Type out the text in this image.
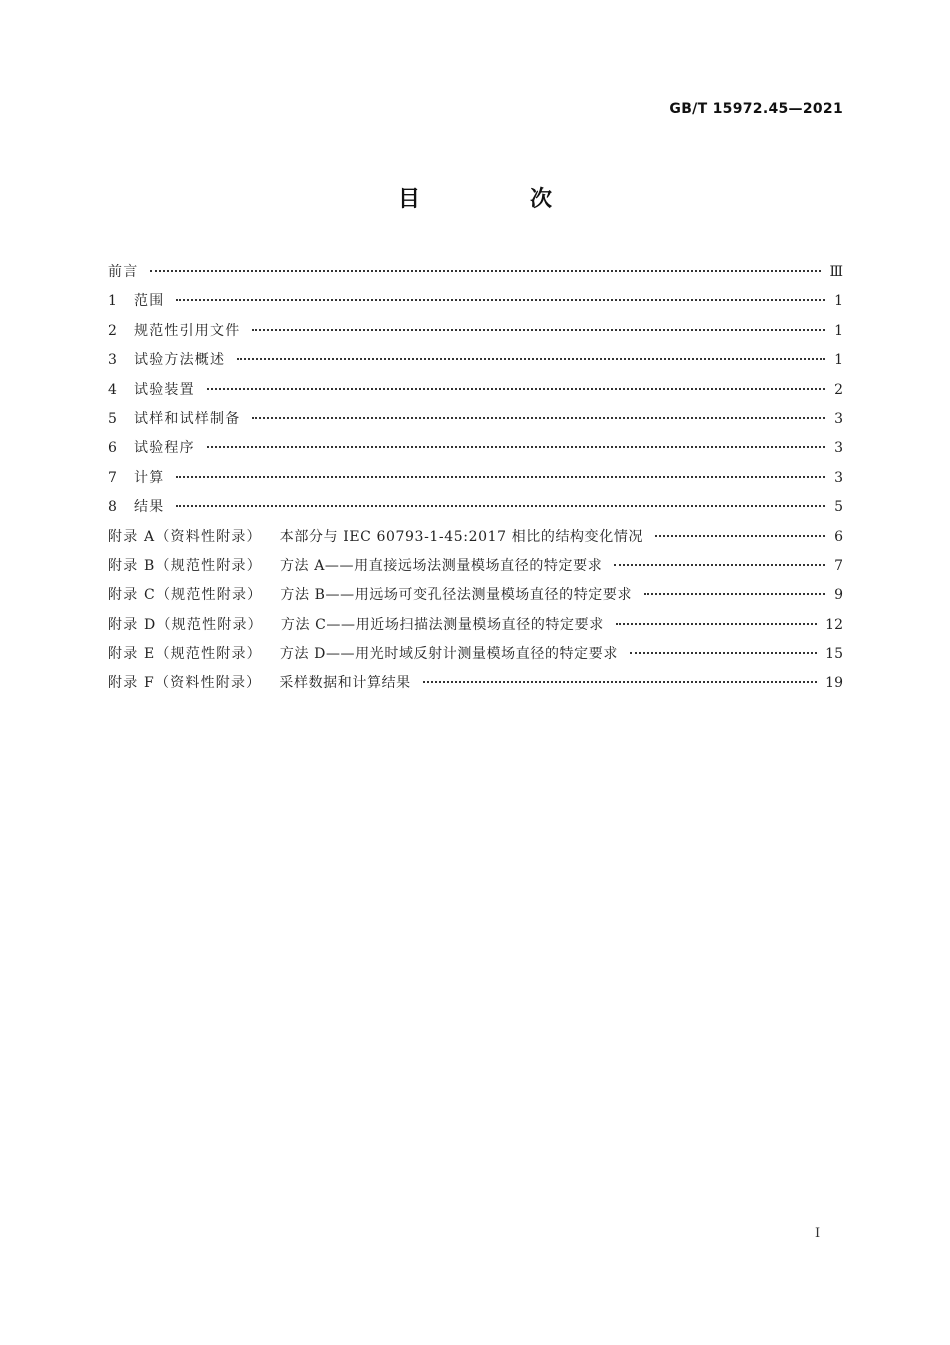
GB/T 15972.45—2021
目　次
前言	Ⅲ
1	范围	1
2	规范性引用文件	1
3	试验方法概述	1
4	试验装置	2
5	试样和试样制备	3
6	试验程序	3
7	计算	3
8	结果	5
附录 A（资料性附录） 本部分与 IEC 60793-1-45:2017 相比的结构变化情况	6
附录 B（规范性附录） 方法 A——用直接远场法测量模场直径的特定要求	7
附录 C（规范性附录） 方法 B——用远场可变孔径法测量模场直径的特定要求	9
附录 D（规范性附录） 方法 C——用近场扫描法测量模场直径的特定要求	12
附录 E（规范性附录） 方法 D——用光时域反射计测量模场直径的特定要求	15
附录 F（资料性附录） 采样数据和计算结果	19
Ⅰ
